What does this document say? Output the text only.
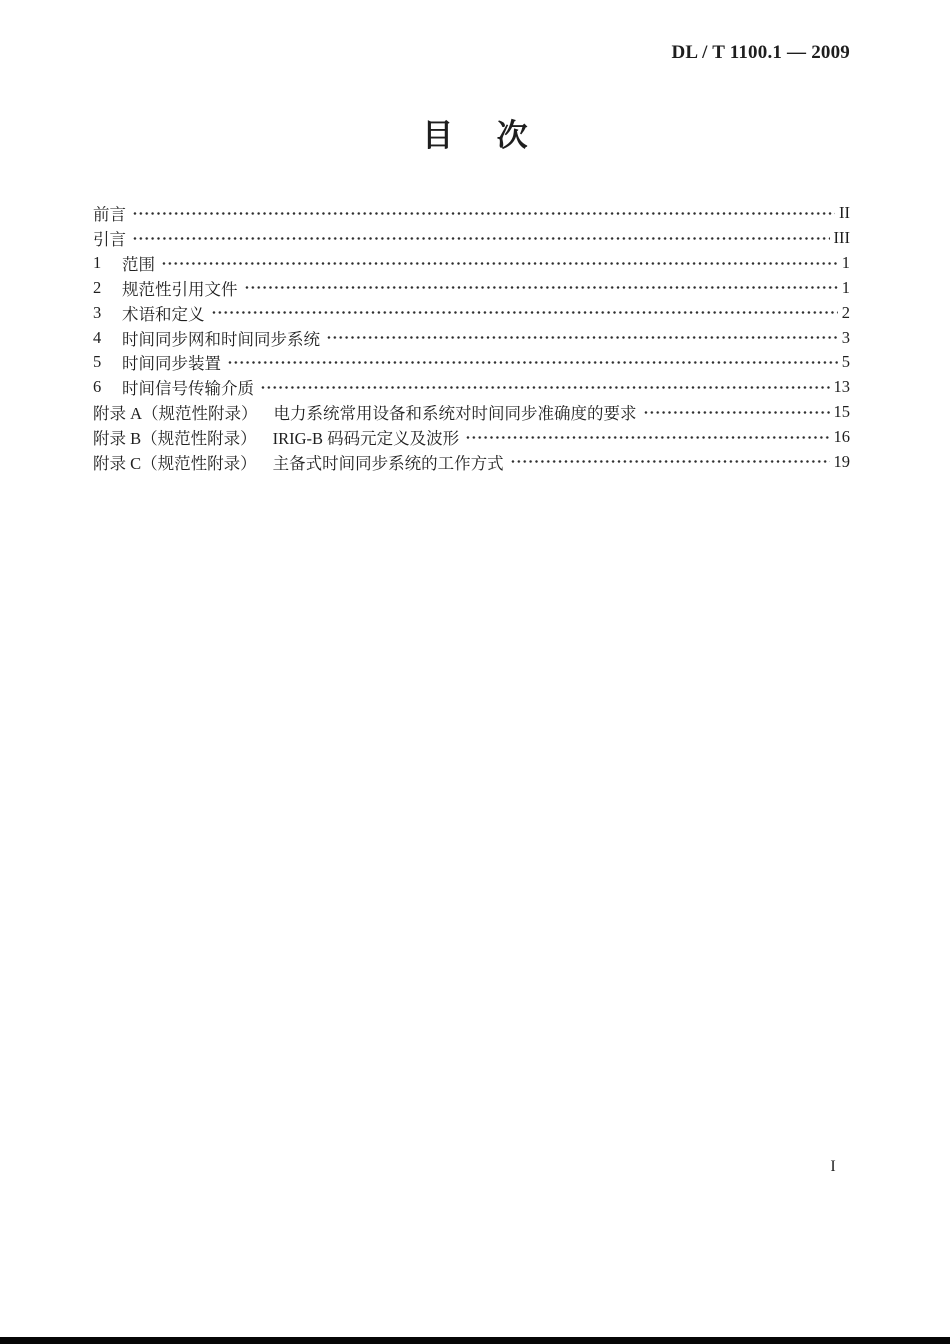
DL / T 1100.1 — 2009
目次
前言	II
引言	III
1	范围	1
2	规范性引用文件	1
3	术语和定义	2
4	时间同步网和时间同步系统	3
5	时间同步装置	5
6	时间信号传输介质	13
附录 A（规范性附录） 电力系统常用设备和系统对时间同步准确度的要求	15
附录 B（规范性附录） IRIG-B 码码元定义及波形	16
附录 C（规范性附录） 主备式时间同步系统的工作方式	19
I
